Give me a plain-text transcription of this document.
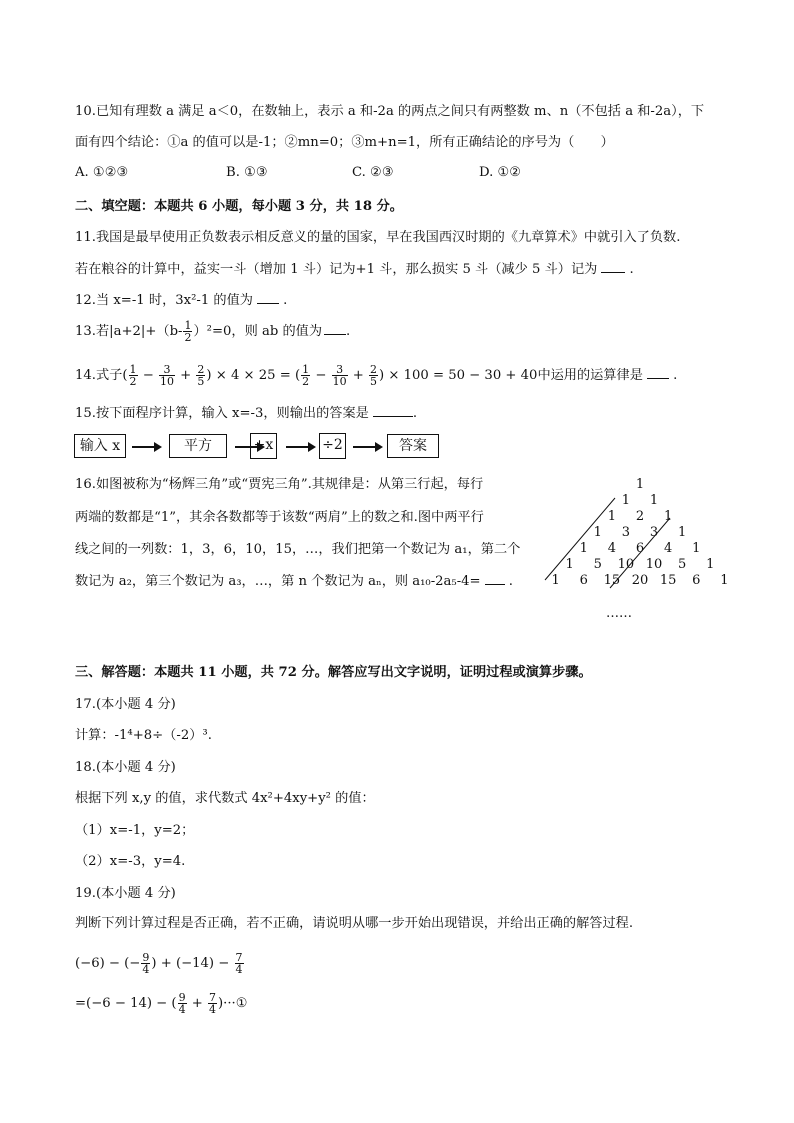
10.已知有理数 a 满足 a＜0，在数轴上，表示 a 和-2a 的两点之间只有两整数 m、n（不包括 a 和-2a），下
面有四个结论：①a 的值可以是-1；②mn=0；③m+n=1，所有正确结论的序号为（　　）
A. ①②③	B. ①③	C. ②③	D. ①②
二、填空题：本题共 6 小题，每小题 3 分，共 18 分。
11.我国是最早使用正负数表示相反意义的量的国家，早在我国西汉时期的《九章算术》中就引入了负数.
若在粮谷的计算中，益实一斗（增加 1 斗）记为+1 斗，那么损实 5 斗（减少 5 斗）记为 .
12.当 x=-1 时，3x²-1 的值为 .
13.若$|a+2|+(b- \frac{1}{2} )^2=0$，则 ab 的值为 .
14.式子( $\frac{1}{2} - \frac{3}{10} + \frac{2}{5}$ ) × 4 × 25 = ( $\frac{1}{2} - \frac{3}{10} + \frac{2}{5}$ ) × 100 = 50 − 30 + 40中运用的运算律是 .
15.按下面程序计算，输入 x=-3，则输出的答案是	.
输入 x	平方	+x	÷2	答案
16.如图被称为“杨辉三角”或“贾宪三角”.其规律是：从第三行起，每行
两端的数都是“1”，其余各数都等于该数“两肩”上的数之和.图中两平行
线之间的一列数：1，3，6，10，15，…，我们把第一个数记为 a₁，第二个
数记为 a₂，第三个数记为 a₃，…，第 n 个数记为 aₙ，则 a₁₀-2a₅-4= .
1
1 1
1 2 1
1 3 3 1
1 4 6 4 1
1 5 10 10 5 1
1 6 15 20 15 6 1
……
三、解答题：本题共 11 小题，共 72 分。解答应写出文字说明，证明过程或演算步骤。
17.(本小题 4 分)
计算：-1⁴+8÷（-2）³.
18.(本小题 4 分)
根据下列 x,y 的值，求代数式 4x²+4xy+y² 的值：
（1）x=-1，y=2；
（2）x=-3，y=4.
19.(本小题 4 分)
判断下列计算过程是否正确，若不正确，请说明从哪一步开始出现错误，并给出正确的解答过程.
(−6) − (− $\frac{9}{4}$ ) + $(-14) - \frac{7}{4}$
=(−6 − 14) − ( $\frac{9}{4} + \frac{7}{4}$ )···①
